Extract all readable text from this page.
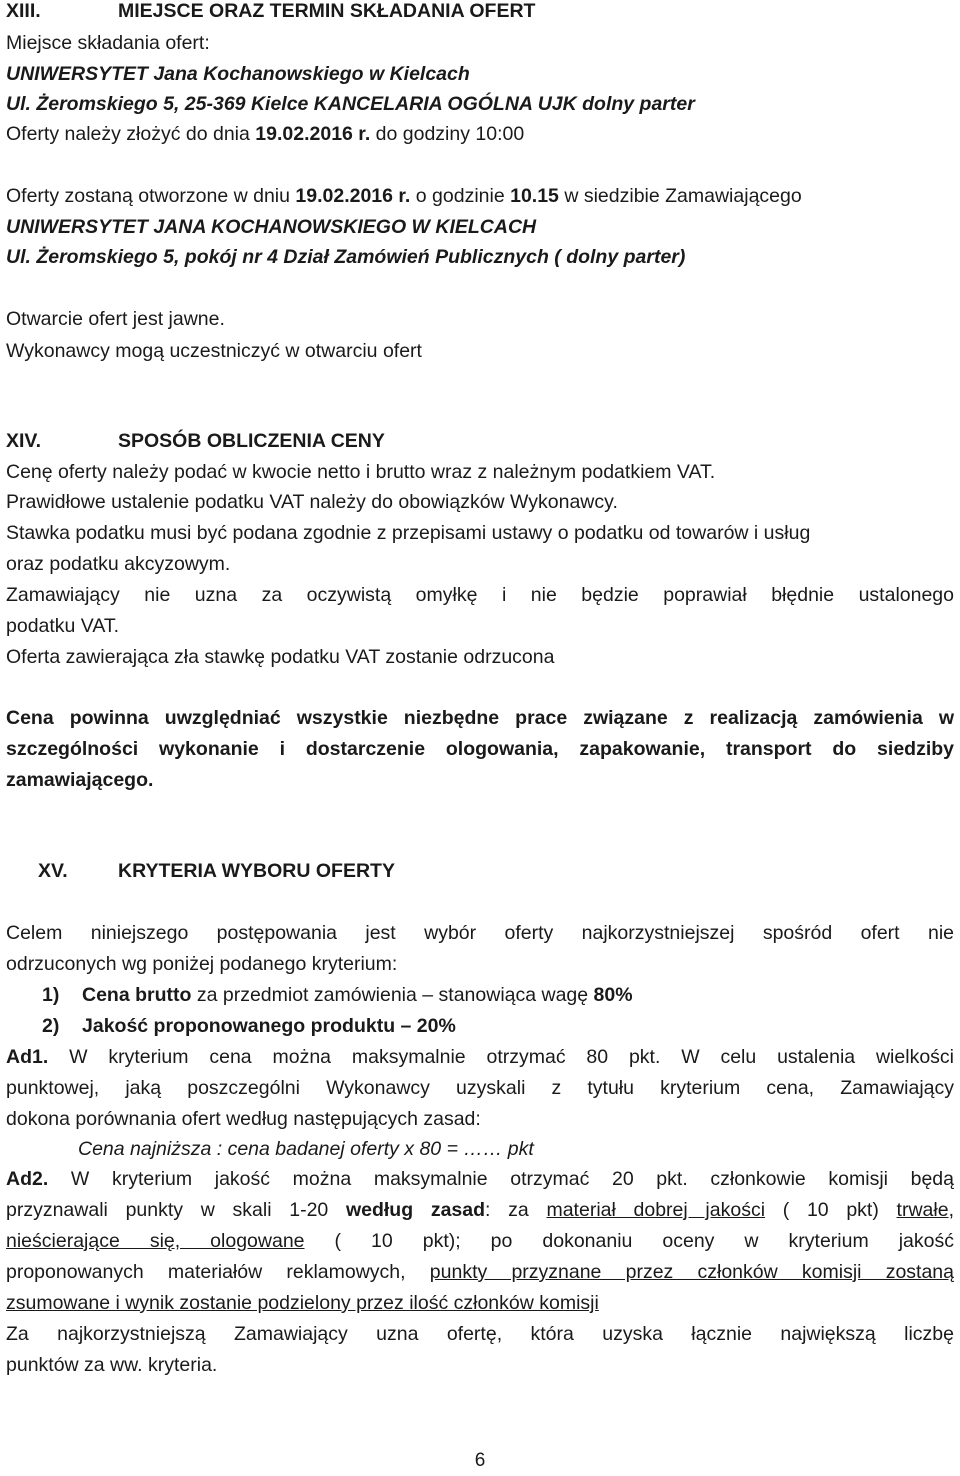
XIII.	MIEJSCE ORAZ TERMIN SKŁADANIA OFERT
Miejsce składania ofert:
UNIWERSYTET Jana Kochanowskiego w Kielcach
Ul. Żeromskiego 5, 25-369 Kielce KANCELARIA OGÓLNA UJK dolny parter
Oferty należy złożyć do dnia 19.02.2016 r. do godziny 10:00
Oferty zostaną otworzone w dniu 19.02.2016 r. o godzinie 10.15 w siedzibie Zamawiającego
UNIWERSYTET JANA KOCHANOWSKIEGO W KIELCACH
Ul. Żeromskiego 5, pokój nr 4 Dział Zamówień Publicznych ( dolny parter)
Otwarcie ofert jest jawne.
Wykonawcy mogą uczestniczyć w otwarciu ofert
XIV.	SPOSÓB OBLICZENIA CENY
Cenę oferty należy podać w kwocie netto i brutto wraz z należnym podatkiem VAT.
Prawidłowe ustalenie podatku VAT należy do obowiązków Wykonawcy.
Stawka podatku musi być podana zgodnie z przepisami ustawy o podatku od towarów i usług
oraz podatku akcyzowym.
Zamawiający nie uzna za oczywistą omyłkę i nie będzie poprawiał błędnie ustalonego
podatku VAT.
Oferta zawierająca zła stawkę podatku VAT zostanie odrzucona
Cena powinna uwzględniać wszystkie niezbędne prace związane z realizacją zamówienia w
szczególności wykonanie i dostarczenie ologowania, zapakowanie, transport do siedziby
zamawiającego.
XV.	KRYTERIA WYBORU OFERTY
Celem niniejszego postępowania jest wybór oferty najkorzystniejszej spośród ofert nie
odrzuconych wg poniżej podanego kryterium:
1) Cena brutto za przedmiot zamówienia – stanowiąca wagę 80%
2) Jakość proponowanego produktu – 20%
Ad1. W kryterium cena można maksymalnie otrzymać 80 pkt. W celu ustalenia wielkości
punktowej, jaką poszczególni Wykonawcy uzyskali z tytułu kryterium cena, Zamawiający
dokona porównania ofert według następujących zasad:
Cena najniższa : cena badanej oferty x 80 = …… pkt
Ad2. W kryterium jakość można maksymalnie otrzymać 20 pkt. członkowie komisji będą
przyznawali punkty w skali 1-20 według zasad: za materiał dobrej jakości ( 10 pkt) trwałe,
nieścierające się, ologowane ( 10 pkt); po dokonaniu oceny w kryterium jakość
proponowanych materiałów reklamowych, punkty przyznane przez członków komisji zostaną
zsumowane i wynik zostanie podzielony przez ilość członków komisji
Za najkorzystniejszą Zamawiający uzna ofertę, która uzyska łącznie największą liczbę
punktów za ww. kryteria.
6
